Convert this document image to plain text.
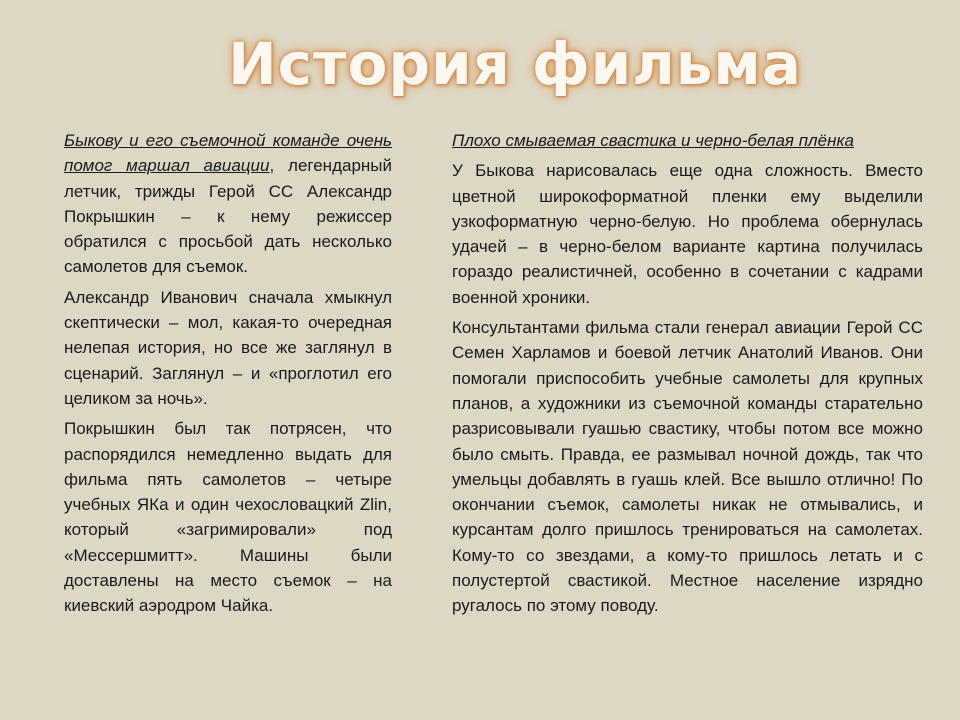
История фильма

Быкову и его съемочной команде очень помог маршал авиации, легендарный летчик, трижды Герой СС Александр Покрышкин – к нему режиссер обратился с просьбой дать несколько самолетов для съемок.

Александр Иванович сначала хмыкнул скептически – мол, какая-то очередная нелепая история, но все же заглянул в сценарий. Заглянул – и «проглотил его целиком за ночь».

Покрышкин был так потрясен, что распорядился немедленно выдать для фильма пять самолетов – четыре учебных ЯКа и один чехословацкий Zlin, который «загримировали» под «Мессершмитт». Машины были доставлены на место съемок – на киевский аэродром Чайка.

Плохо смываемая свастика и черно-белая плёнка

У Быкова нарисовалась еще одна сложность. Вместо цветной широкоформатной пленки ему выделили узкоформатную черно-белую. Но проблема обернулась удачей – в черно-белом варианте картина получилась гораздо реалистичней, особенно в сочетании с кадрами военной хроники.

Консультантами фильма стали генерал авиации Герой СС Семен Харламов и боевой летчик Анатолий Иванов. Они помогали приспособить учебные самолеты для крупных планов, а художники из съемочной команды старательно разрисовывали гуашью свастику, чтобы потом все можно было смыть. Правда, ее размывал ночной дождь, так что умельцы добавлять в гуашь клей. Все вышло отлично! По окончании съемок, самолеты никак не отмывались, и курсантам долго пришлось тренироваться на самолетах. Кому-то со звездами, а кому-то пришлось летать и с полустертой свастикой. Местное население изрядно ругалось по этому поводу.
